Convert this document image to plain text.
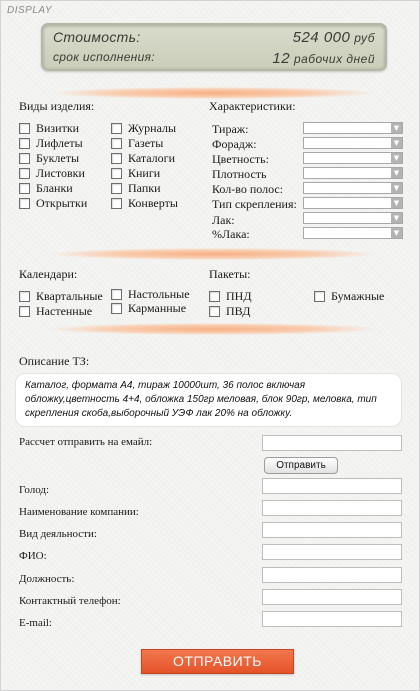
DISPLAY
Стоимость:	524 000 руб
срок исполнения:	12 рабочих дней
Виды изделия:
Визитки
Лифлеты
Буклеты
Листовки
Бланки
Открытки
Журналы
Газеты
Каталоги
Книги
Папки
Конверты
Характеристики:
Тираж:	▼
Форадж:	▼
Цветность:	▼
Плотность	▼
Кол-во полос:	▼
Тип скрепления:	▼
Лак:	▼
%Лака:	▼
Календари:
Квартальные
Настенные
Настольные
Карманные
Пакеты:
ПНД
ПВД
Бумажные
Описание ТЗ:
Каталог, формата А4, тираж 10000шт, 36 полос включая обложку,цветность 4+4, обложка 150гр меловая, блок 90гр, меловка, тип скрепления скоба,выборочный УЭФ лак 20% на обложку.
Рассчет отправить на емайл:
Отправить
Голод:
Наименование компании:
Вид деяльности:
ФИО:
Должность:
Контактный телефон:
E-mail:
ОТПРАВИТЬ
